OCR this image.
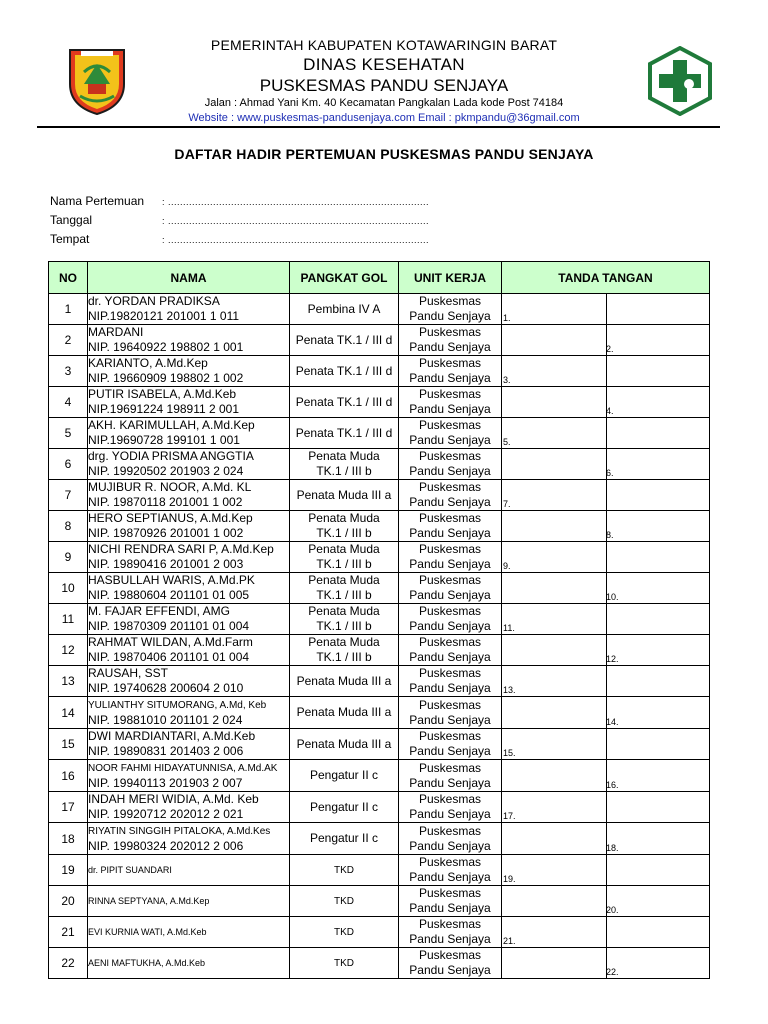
PEMERINTAH KABUPATEN KOTAWARINGIN BARAT
DINAS KESEHATAN
PUSKESMAS PANDU SENJAYA
Jalan : Ahmad Yani Km. 40 Kecamatan Pangkalan Lada kode Post 74184
Website : www.puskesmas-pandusenjaya.com Email : pkmpandu@36gmail.com
DAFTAR HADIR PERTEMUAN PUSKESMAS PANDU SENJAYA
Nama Pertemuan : .......................................................................................
Tanggal	: .......................................................................................
Tempat	: .......................................................................................
NO	NAMA	PANGKAT GOL	UNIT KERJA	TANDA TANGAN
1	dr. YORDAN PRADIKSA
NIP.19820121 201001 1 011	Pembina IV A	Puskesmas
Pandu Senjaya	1.

2	MARDANI
NIP. 19640922 198802 1 001	Penata TK.1 / III d	Puskesmas
Pandu Senjaya	2.

3	KARIANTO, A.Md.Kep
NIP. 19660909 198802 1 002	Penata TK.1 / III d	Puskesmas
Pandu Senjaya	3.

4	PUTIR ISABELA, A.Md.Keb
NIP.19691224 198911 2 001	Penata TK.1 / III d	Puskesmas
Pandu Senjaya	4.

5	AKH. KARIMULLAH, A.Md.Kep
NIP.19690728 199101 1 001	Penata TK.1 / III d	Puskesmas
Pandu Senjaya	5.

6	drg. YODIA PRISMA ANGGTIA
NIP. 19920502 201903 2 024	Penata Muda
TK.1 / III b	Puskesmas
Pandu Senjaya	6.

7	MUJIBUR R. NOOR, A.Md. KL
NIP. 19870118 201001 1 002	Penata Muda III a	Puskesmas
Pandu Senjaya	7.

8	HERO SEPTIANUS, A.Md.Kep
NIP. 19870926 201001 1 002	Penata Muda
TK.1 / III b	Puskesmas
Pandu Senjaya	8.

9	NICHI RENDRA SARI P, A.Md.Kep
NIP. 19890416 201001 2 003	Penata Muda
TK.1 / III b	Puskesmas
Pandu Senjaya	9.

10	HASBULLAH WARIS, A.Md.PK
NIP. 19880604 201101 01 005	Penata Muda
TK.1 / III b	Puskesmas
Pandu Senjaya	10.

11	M. FAJAR EFFENDI, AMG
NIP. 19870309 201101 01 004	Penata Muda
TK.1 / III b	Puskesmas
Pandu Senjaya	11.

12	RAHMAT WILDAN, A.Md.Farm
NIP. 19870406 201101 01 004	Penata Muda
TK.1 / III b	Puskesmas
Pandu Senjaya	12.

13	RAUSAH, SST
NIP. 19740628 200604 2 010	Penata Muda III a	Puskesmas
Pandu Senjaya	13.

14	YULIANTHY SITUMORANG, A.Md, Keb
NIP. 19881010 201101 2 024	Penata Muda III a	Puskesmas
Pandu Senjaya	14.

15	DWI MARDIANTARI, A.Md.Keb
NIP. 19890831 201403 2 006	Penata Muda III a	Puskesmas
Pandu Senjaya	15.

16	NOOR FAHMI HIDAYATUNNISA, A.Md.AK
NIP. 19940113 201903 2 007	Pengatur II c	Puskesmas
Pandu Senjaya	16.

17	INDAH MERI WIDIA, A.Md. Keb
NIP. 19920712 202012 2 021	Pengatur II c	Puskesmas
Pandu Senjaya	17.

18	RIYATIN SINGGIH PITALOKA, A.Md.Kes
NIP. 19980324 202012 2 006	Pengatur II c	Puskesmas
Pandu Senjaya	18.

19	dr. PIPIT SUANDARI	TKD	Puskesmas
Pandu Senjaya	19.

20	RINNA SEPTYANA, A.Md.Kep	TKD	Puskesmas
Pandu Senjaya	20.

21	EVI KURNIA WATI, A.Md.Keb	TKD	Puskesmas
Pandu Senjaya	21.

22	AENI MAFTUKHA, A.Md.Keb	TKD	Puskesmas
Pandu Senjaya	22.
